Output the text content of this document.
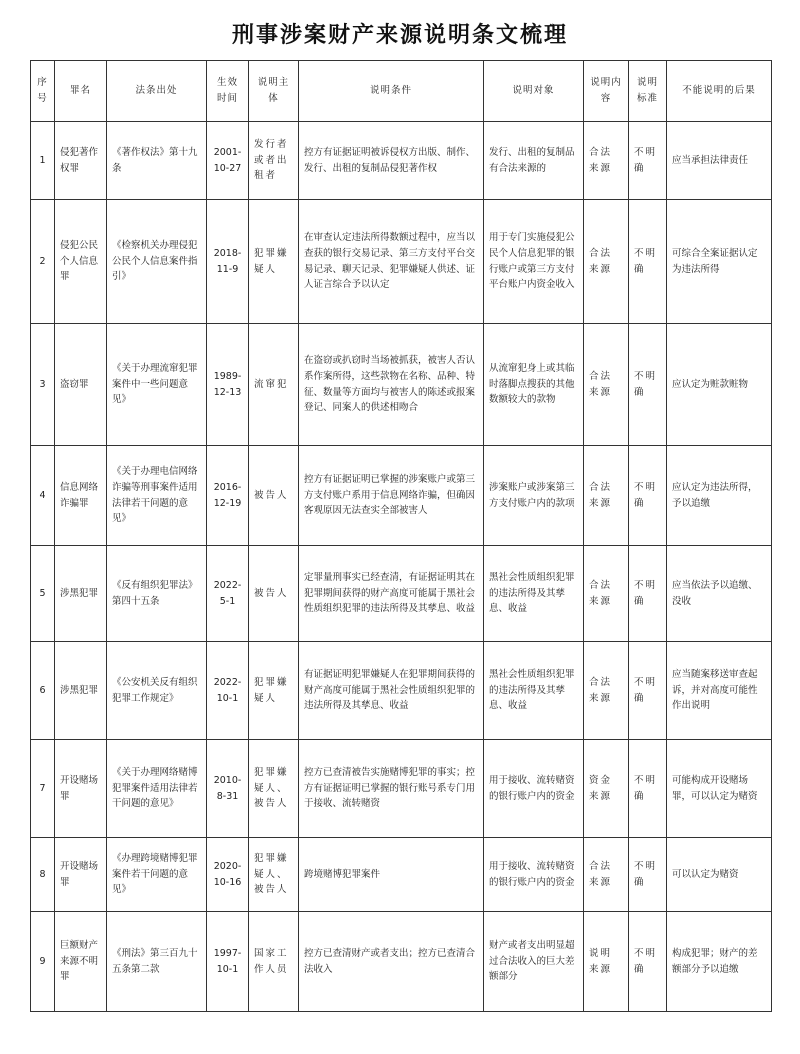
刑事涉案财产来源说明条文梳理
序号	罪名	法条出处	生效时间	说明主体	说明条件	说明对象	说明内容	说明标准	不能说明的后果
1	侵犯著作权罪	《著作权法》第十九条	2001-10-27	发行者或者出租者	控方有证据证明被诉侵权方出版、制作、发行、出租的复制品侵犯著作权	发行、出租的复制品有合法来源的	合法来源	不明确	应当承担法律责任
2	侵犯公民个人信息罪	《检察机关办理侵犯公民个人信息案件指引》	2018-11-9	犯罪嫌疑人	在审查认定违法所得数额过程中，应当以查获的银行交易记录、第三方支付平台交易记录、聊天记录、犯罪嫌疑人供述、证人证言综合予以认定	用于专门实施侵犯公民个人信息犯罪的银行账户或第三方支付平台账户内资金收入	合法来源	不明确	可综合全案证据认定为违法所得
3	盗窃罪	《关于办理流窜犯罪案件中一些问题意见》	1989-12-13	流窜犯	在盗窃或扒窃时当场被抓获，被害人否认系作案所得，这些款物在名称、品种、特征、数量等方面均与被害人的陈述或报案登记、同案人的供述相吻合	从流窜犯身上或其临时落脚点搜获的其他数额较大的款物	合法来源	不明确	应认定为赃款赃物
4	信息网络诈骗罪	《关于办理电信网络诈骗等刑事案件适用法律若干问题的意见》	2016-12-19	被告人	控方有证据证明已掌握的涉案账户或第三方支付账户系用于信息网络诈骗，但确因客观原因无法查实全部被害人	涉案账户或涉案第三方支付账户内的款项	合法来源	不明确	应认定为违法所得，予以追缴
5	涉黑犯罪	《反有组织犯罪法》第四十五条	2022-5-1	被告人	定罪量刑事实已经查清，有证据证明其在犯罪期间获得的财产高度可能属于黑社会性质组织犯罪的违法所得及其孳息、收益	黑社会性质组织犯罪的违法所得及其孳息、收益	合法来源	不明确	应当依法予以追缴、没收
6	涉黑犯罪	《公安机关反有组织犯罪工作规定》	2022-10-1	犯罪嫌疑人	有证据证明犯罪嫌疑人在犯罪期间获得的财产高度可能属于黑社会性质组织犯罪的违法所得及其孳息、收益	黑社会性质组织犯罪的违法所得及其孳息、收益	合法来源	不明确	应当随案移送审查起诉，并对高度可能性作出说明
7	开设赌场罪	《关于办理网络赌博犯罪案件适用法律若干问题的意见》	2010-8-31	犯罪嫌疑人、被告人	控方已查清被告实施赌博犯罪的事实；控方有证据证明已掌握的银行账号系专门用于接收、流转赌资	用于接收、流转赌资的银行账户内的资金	资金来源	不明确	可能构成开设赌场罪，可以认定为赌资
8	开设赌场罪	《办理跨境赌博犯罪案件若干问题的意见》	2020-10-16	犯罪嫌疑人、被告人	跨境赌博犯罪案件	用于接收、流转赌资的银行账户内的资金	合法来源	不明确	可以认定为赌资
9	巨额财产来源不明罪	《刑法》第三百九十五条第二款	1997-10-1	国家工作人员	控方已查清财产或者支出；控方已查清合法收入	财产或者支出明显超过合法收入的巨大差额部分	说明来源	不明确	构成犯罪；财产的差额部分予以追缴
